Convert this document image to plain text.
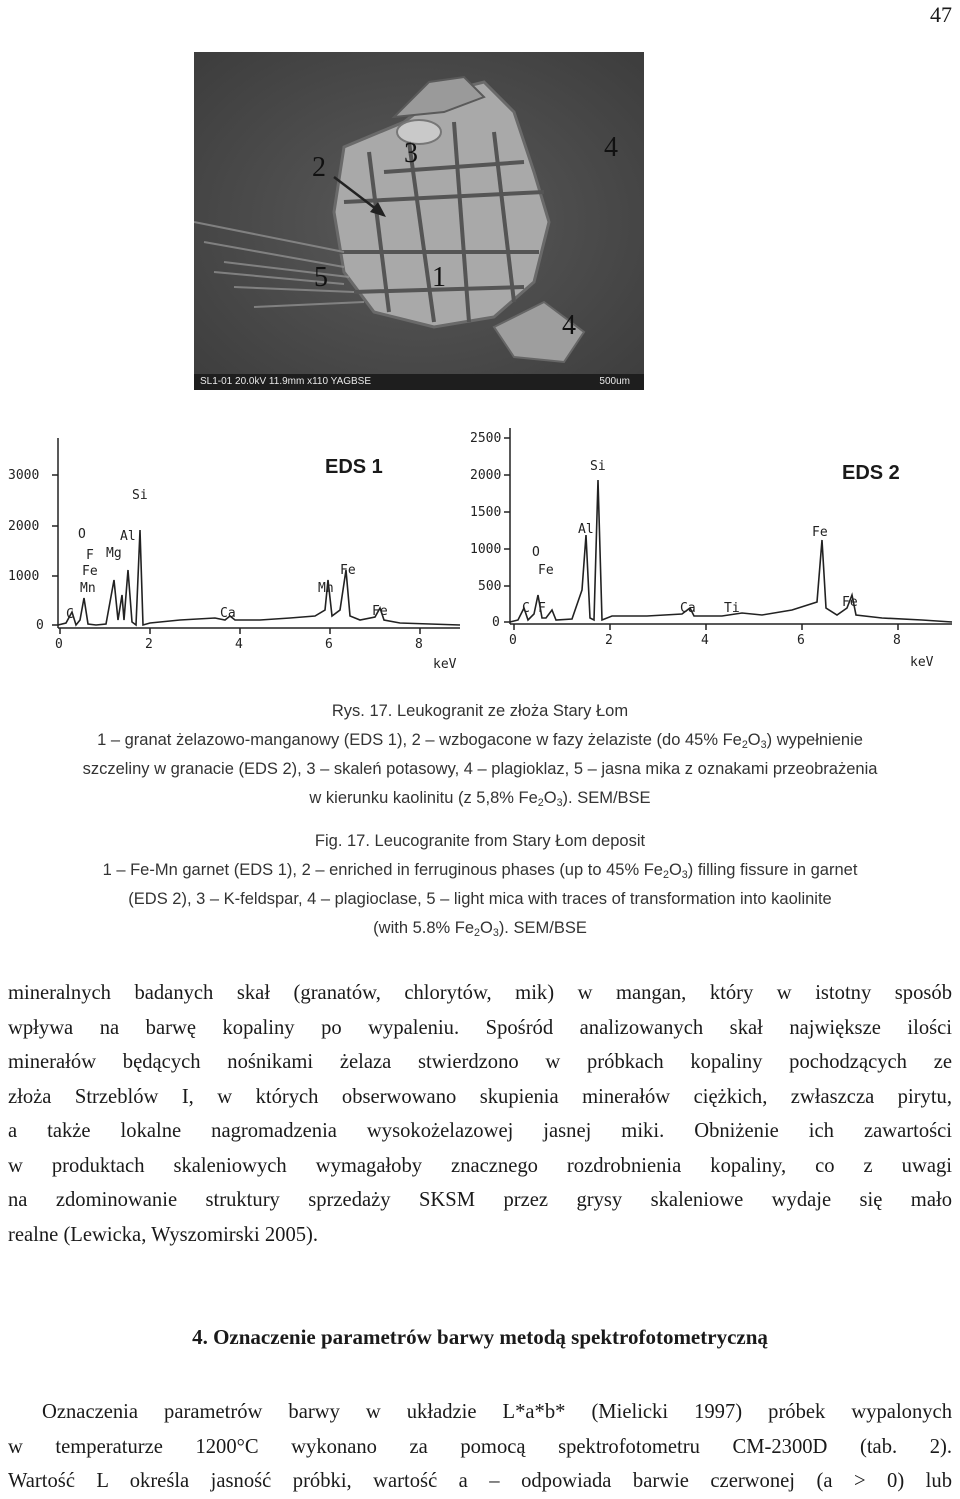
47
2	3	4
5	1
4
SL1-01 20.0kV 11.9mm x110 YAGBSE	500um
EDS 1
3000
2000
1000
0
0	2	4	6	8
keV
O
F
Fe
Mn
Mg
Al
Si
C	Ca
Mn
Fe
Fe
EDS 2
2500
2000
1500
1000
500
0
0	2	4	6	8
keV
O
Fe
Al
Si
C F	Ca Ti
Fe
Fe
Rys. 17. Leukogranit ze złoża Stary Łom
1 – granat żelazowo-manganowy (EDS 1), 2 – wzbogacone w fazy żelaziste (do 45% $Fe_2O_3$) wypełnienie
szczeliny w granacie (EDS 2), 3 – skaleń potasowy, 4 – plagioklaz, 5 – jasna mika z oznakami przeobrażenia
w kierunku kaolinitu (z 5,8% $Fe_2O_3$). SEM/BSE
Fig. 17. Leucogranite from Stary Łom deposit
1 – Fe-Mn garnet (EDS 1), 2 – enriched in ferruginous phases (up to 45% $Fe_2O_3$) filling fissure in garnet
(EDS 2), 3 – K-feldspar, 4 – plagioclase, 5 – light mica with traces of transformation into kaolinite
(with 5.8% $Fe_2O_3$). SEM/BSE
mineralnych badanych skał (granatów, chlorytów, mik) w mangan, który w istotny sposób
wpływa na barwę kopaliny po wypaleniu. Spośród analizowanych skał największe ilości
minerałów będących nośnikami żelaza stwierdzono w próbkach kopaliny pochodzących ze
złoża Strzeblów I, w których obserwowano skupienia minerałów ciężkich, zwłaszcza pirytu,
a także lokalne nagromadzenia wysokożelazowej jasnej miki. Obniżenie ich zawartości
w produktach skaleniowych wymagałoby znacznego rozdrobnienia kopaliny, co z uwagi
na zdominowanie struktury sprzedaży SKSM przez grysy skaleniowe wydaje się mało
realne (Lewicka, Wyszomirski 2005).
4. Oznaczenie parametrów barwy metodą spektrofotometryczną
Oznaczenia parametrów barwy w układzie L*a*b* (Mielicki 1997) próbek wypalonych
w temperaturze 1200°C wykonano za pomocą spektrofotometru CM-2300D (tab. 2).
Wartość L określa jasność próbki, wartość a – odpowiada barwie czerwonej (a > 0) lub
